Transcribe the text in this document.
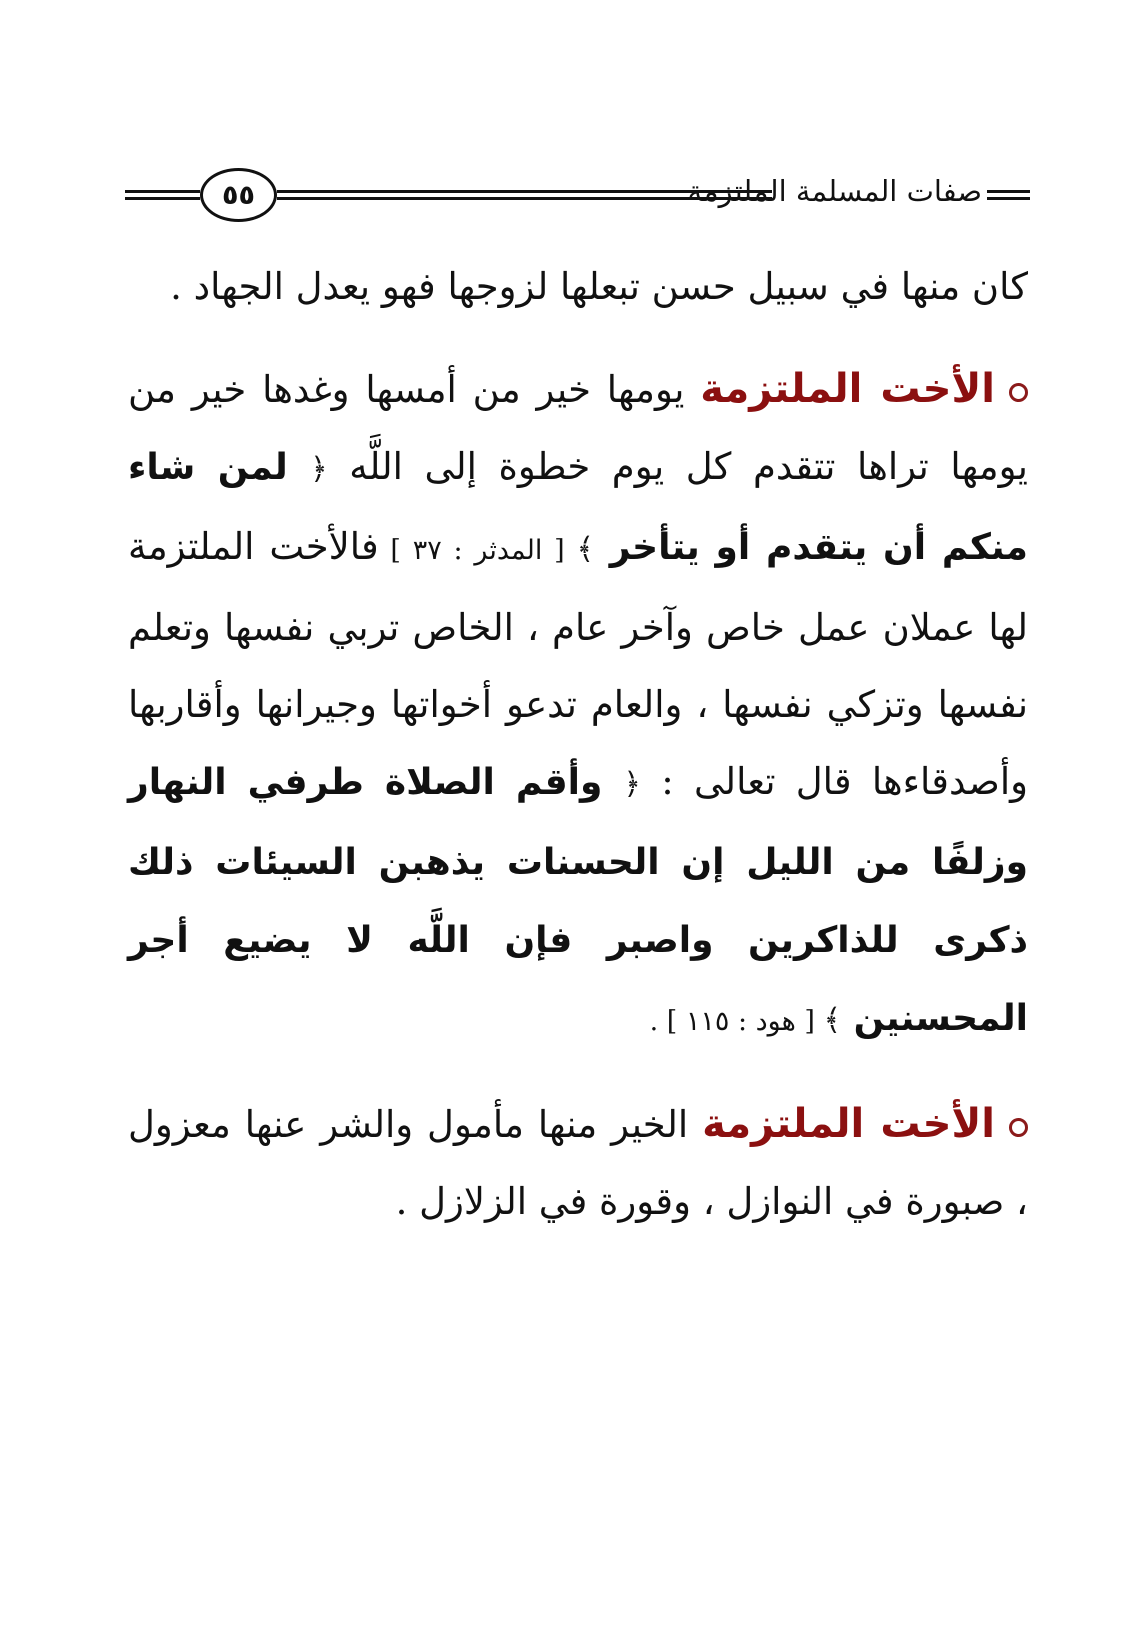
٥٥	صفات المسلمة الملتزمة

كان منها في سبيل حسن تبعلها لزوجها فهو يعدل الجهاد .

الأخت الملتزمة يومها خير من أمسها وغدها خير من يومها تراها تتقدم كل يوم خطوة إلى اللَّه ﴿ لمن شاء منكم أن يتقدم أو يتأخر ﴾ [ المدثر : ٣٧ ] فالأخت الملتزمة لها عملان عمل خاص وآخر عام ، الخاص تربي نفسها وتعلم نفسها وتزكي نفسها ، والعام تدعو أخواتها وجيرانها وأقاربها وأصدقاءها قال تعالى : ﴿ وأقم الصلاة طرفي النهار وزلفًا من الليل إن الحسنات يذهبن السيئات ذلك ذكرى للذاكرين واصبر فإن اللَّه لا يضيع أجر المحسنين ﴾ [ هود : ١١٥ ] .

الأخت الملتزمة الخير منها مأمول والشر عنها معزول ، صبورة في النوازل ، وقورة في الزلازل .
